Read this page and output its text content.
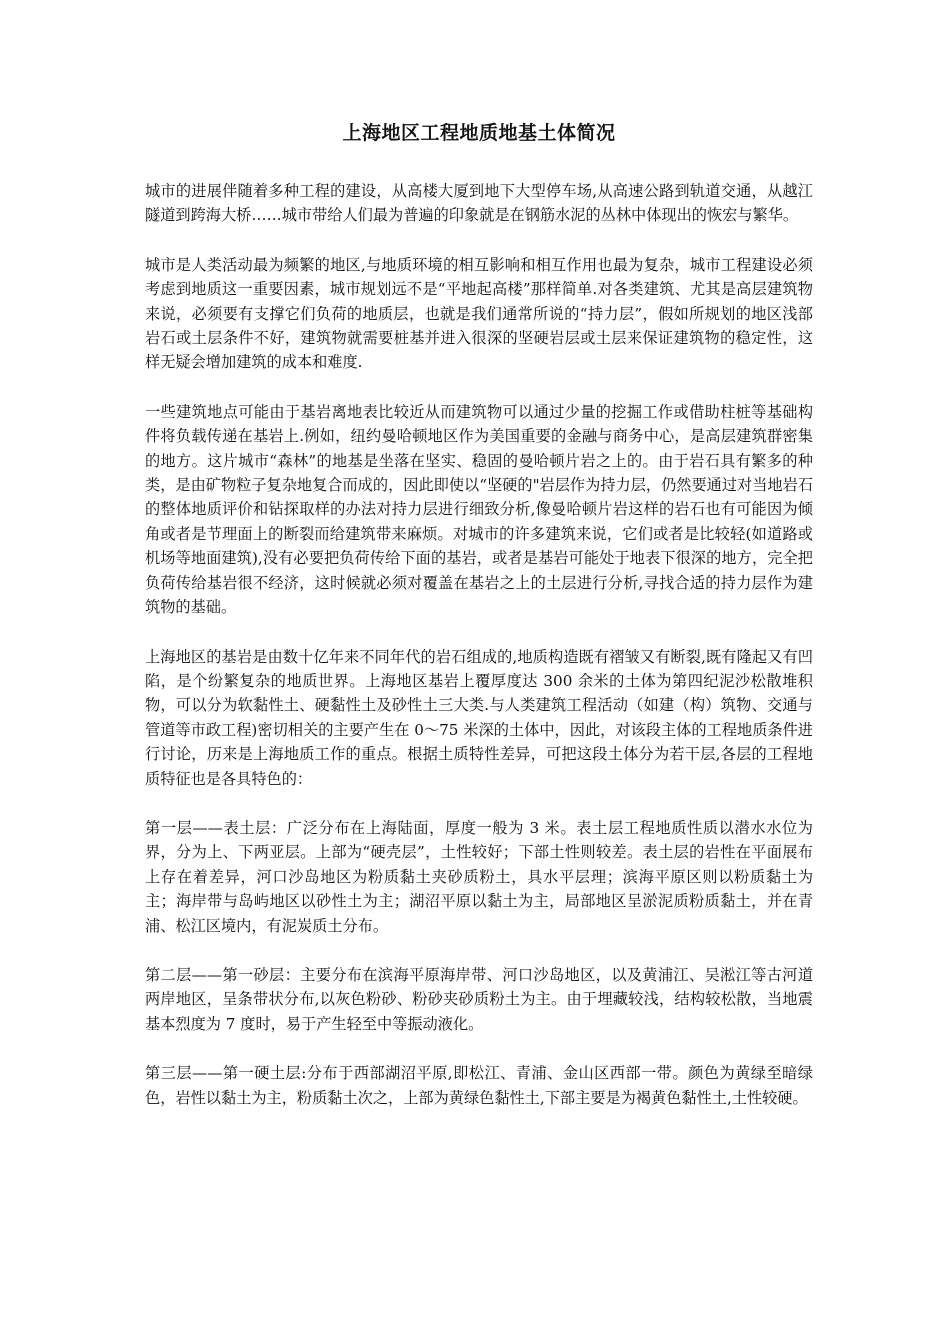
上海地区工程地质地基土体简况

城市的进展伴随着多种工程的建设，从高楼大厦到地下大型停车场,从高速公路到轨道交通，从越江隧道到跨海大桥……城市带给人们最为普遍的印象就是在钢筋水泥的丛林中体现出的恢宏与繁华。

城市是人类活动最为频繁的地区,与地质环境的相互影响和相互作用也最为复杂，城市工程建设必须考虑到地质这一重要因素，城市规划远不是“平地起高楼”那样简单.对各类建筑、尤其是高层建筑物来说，必须要有支撑它们负荷的地质层，也就是我们通常所说的“持力层”，假如所规划的地区浅部岩石或土层条件不好，建筑物就需要桩基并进入很深的坚硬岩层或土层来保证建筑物的稳定性，这样无疑会增加建筑的成本和难度.

一些建筑地点可能由于基岩离地表比较近从而建筑物可以通过少量的挖掘工作或借助柱桩等基础构件将负载传递在基岩上.例如，纽约曼哈顿地区作为美国重要的金融与商务中心，是高层建筑群密集的地方。这片城市“森林”的地基是坐落在坚实、稳固的曼哈顿片岩之上的。由于岩石具有繁多的种类，是由矿物粒子复杂地复合而成的，因此即使以“坚硬的"岩层作为持力层，仍然要通过对当地岩石的整体地质评价和钻探取样的办法对持力层进行细致分析,像曼哈顿片岩这样的岩石也有可能因为倾角或者是节理面上的断裂而给建筑带来麻烦。对城市的许多建筑来说，它们或者是比较轻(如道路或机场等地面建筑),没有必要把负荷传给下面的基岩，或者是基岩可能处于地表下很深的地方，完全把负荷传给基岩很不经济，这时候就必须对覆盖在基岩之上的土层进行分析,寻找合适的持力层作为建筑物的基础。

上海地区的基岩是由数十亿年来不同年代的岩石组成的,地质构造既有褶皱又有断裂,既有隆起又有凹陷，是个纷繁复杂的地质世界。上海地区基岩上覆厚度达 300 余米的土体为第四纪泥沙松散堆积物，可以分为软黏性土、硬黏性土及砂性土三大类.与人类建筑工程活动（如建（构）筑物、交通与管道等市政工程)密切相关的主要产生在 0～75 米深的土体中，因此，对该段主体的工程地质条件进行讨论，历来是上海地质工作的重点。根据土质特性差异，可把这段土体分为若干层,各层的工程地质特征也是各具特色的：

第一层——表土层：广泛分布在上海陆面，厚度一般为 3 米。表土层工程地质性质以潜水水位为界，分为上、下两亚层。上部为“硬壳层”，土性较好；下部土性则较差。表土层的岩性在平面展布上存在着差异，河口沙岛地区为粉质黏土夹砂质粉土，具水平层理；滨海平原区则以粉质黏土为主；海岸带与岛屿地区以砂性土为主；湖沼平原以黏土为主，局部地区呈淤泥质粉质黏土，并在青浦、松江区境内，有泥炭质土分布。

第二层——第一砂层：主要分布在滨海平原海岸带、河口沙岛地区，以及黄浦江、吴淞江等古河道两岸地区，呈条带状分布,以灰色粉砂、粉砂夹砂质粉土为主。由于埋藏较浅，结构较松散，当地震基本烈度为 7 度时，易于产生轻至中等振动液化。

第三层——第一硬土层:分布于西部湖沼平原,即松江、青浦、金山区西部一带。颜色为黄绿至暗绿色，岩性以黏土为主，粉质黏土次之，上部为黄绿色黏性土,下部主要是为褐黄色黏性土,土性较硬。
